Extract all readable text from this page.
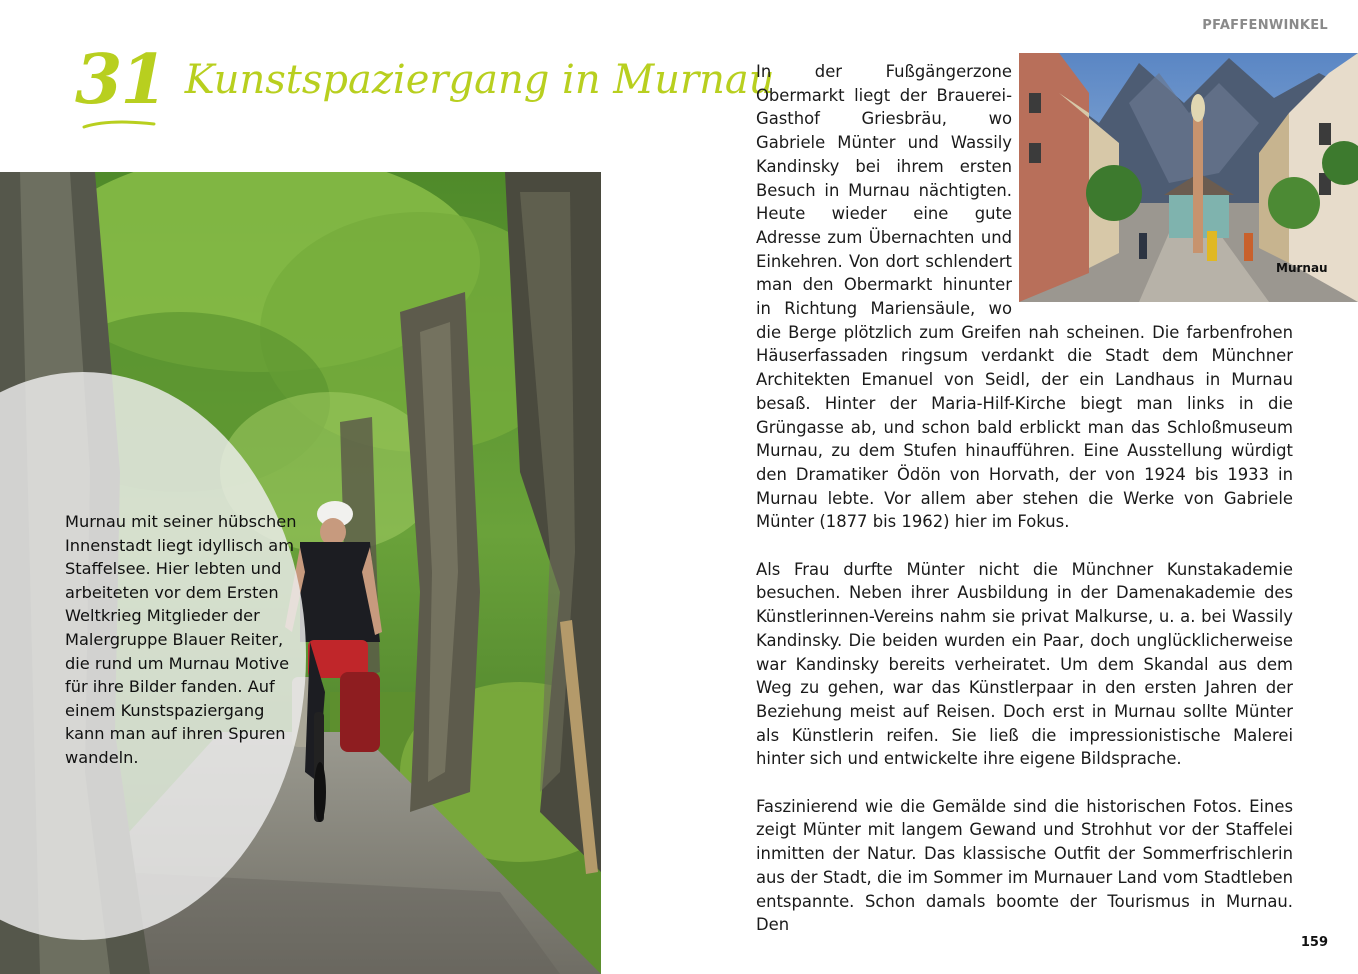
31 Kunstspaziergang in Murnau
Murnau mit seiner hübschen Innenstadt liegt idyllisch am Staffelsee. Hier lebten und arbeiteten vor dem Ersten Weltkrieg Mitglieder der Malergruppe Blauer Reiter, die rund um Murnau Motive für ihre Bilder fanden. Auf einem Kunstspaziergang kann man auf ihren Spuren wandeln.
PFAFFENWINKEL
Murnau

In der Fußgängerzone Obermarkt liegt der Brauerei-Gasthof Griesbräu, wo Gabriele Münter und Wassily Kandinsky bei ihrem ersten Besuch in Murnau nächtigten. Heute wieder eine gute Adresse zum Übernachten und Einkehren. Von dort schlendert man den Obermarkt hinunter in Richtung Mariensäule, wo die Berge plötzlich zum Greifen nah scheinen. Die farbenfrohen Häuserfassaden ringsum verdankt die Stadt dem Münchner Architekten Emanuel von Seidl, der ein Landhaus in Murnau besaß. Hinter der Maria-Hilf-Kirche biegt man links in die Grüngasse ab, und schon bald erblickt man das Schloßmuseum Murnau, zu dem Stufen hinaufführen. Eine Ausstellung würdigt den Dramatiker Ödön von Horvath, der von 1924 bis 1933 in Murnau lebte. Vor allem aber stehen die Werke von Gabriele Münter (1877 bis 1962) hier im Fokus.

Als Frau durfte Münter nicht die Münchner Kunstakademie besuchen. Neben ihrer Ausbildung in der Damenakademie des Künstlerinnen-Vereins nahm sie privat Malkurse, u. a. bei Wassily Kandinsky. Die beiden wurden ein Paar, doch unglücklicherweise war Kandinsky bereits verheiratet. Um dem Skandal aus dem Weg zu gehen, war das Künstlerpaar in den ersten Jahren der Beziehung meist auf Reisen. Doch erst in Murnau sollte Münter als Künstlerin reifen. Sie ließ die impressionistische Malerei hinter sich und entwickelte ihre eigene Bildsprache.

Faszinierend wie die Gemälde sind die historischen Fotos. Eines zeigt Münter mit langem Gewand und Strohhut vor der Staffelei inmitten der Natur. Das klassische Outfit der Sommerfrischlerin aus der Stadt, die im Sommer im Murnauer Land vom Stadtleben entspannte. Schon damals boomte der Tourismus in Murnau. Den

159
